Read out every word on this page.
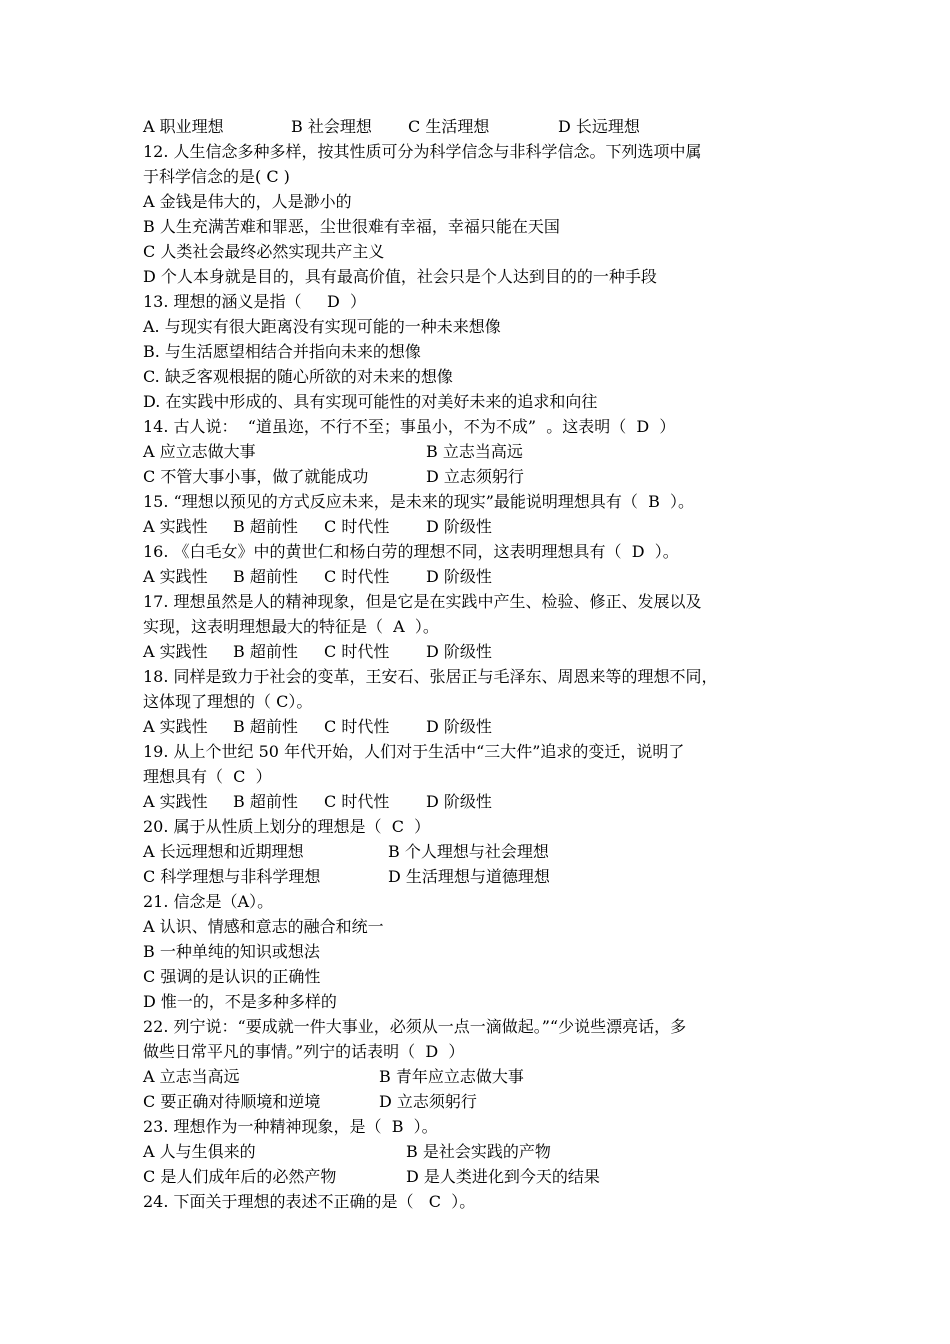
A 职业理想	B 社会理想 C 生活理想	D 长远理想
12. 人生信念多种多样，按其性质可分为科学信念与非科学信念。下列选项中属
于科学信念的是( C )
A 金钱是伟大的，人是渺小的
B 人生充满苦难和罪恶，尘世很难有幸福，幸福只能在天国
C 人类社会最终必然实现共产主义
D 个人本身就是目的，具有最高价值，社会只是个人达到目的的一种手段
13. 理想的涵义是指（     D  ）
A. 与现实有很大距离没有实现可能的一种未来想像
B. 与生活愿望相结合并指向未来的想像
C. 缺乏客观根据的随心所欲的对未来的想像
D. 在实践中形成的、具有实现可能性的对美好未来的追求和向往
14. 古人说：  “道虽迩，不行不至；事虽小，不为不成”  。这表明（  D  ）
A 应立志做大事	B 立志当高远
C 不管大事小事，做了就能成功	D 立志须躬行
15. “理想以预见的方式反应未来，是未来的现实”最能说明理想具有（  B  ）。
A 实践性 B 超前性 C 时代性 D 阶级性
16. 《白毛女》中的黄世仁和杨白劳的理想不同，这表明理想具有（  D  ）。
A 实践性 B 超前性 C 时代性 D 阶级性
17. 理想虽然是人的精神现象，但是它是在实践中产生、检验、修正、发展以及
实现，这表明理想最大的特征是（  A  ）。
A 实践性 B 超前性 C 时代性 D 阶级性
18. 同样是致力于社会的变革，王安石、张居正与毛泽东、周恩来等的理想不同，
这体现了理想的（ C）。
A 实践性 B 超前性 C 时代性 D 阶级性
19. 从上个世纪 50 年代开始，人们对于生活中“三大件”追求的变迁，说明了
理想具有（  C  ）
A 实践性 B 超前性 C 时代性 D 阶级性
20. 属于从性质上划分的理想是（  C  ）
A 长远理想和近期理想	B 个人理想与社会理想
C 科学理想与非科学理想	D 生活理想与道德理想
21. 信念是（A）。
A 认识、情感和意志的融合和统一
B 一种单纯的知识或想法
C 强调的是认识的正确性
D 惟一的，不是多种多样的
22. 列宁说：“要成就一件大事业，必须从一点一滴做起。”“少说些漂亮话，多
做些日常平凡的事情。”列宁的话表明（  D  ）
A 立志当高远	B 青年应立志做大事
C 要正确对待顺境和逆境	D 立志须躬行
23. 理想作为一种精神现象，是（  B  ）。
A 人与生俱来的	B 是社会实践的产物
C 是人们成年后的必然产物	D 是人类进化到今天的结果
24. 下面关于理想的表述不正确的是（   C  ）。
